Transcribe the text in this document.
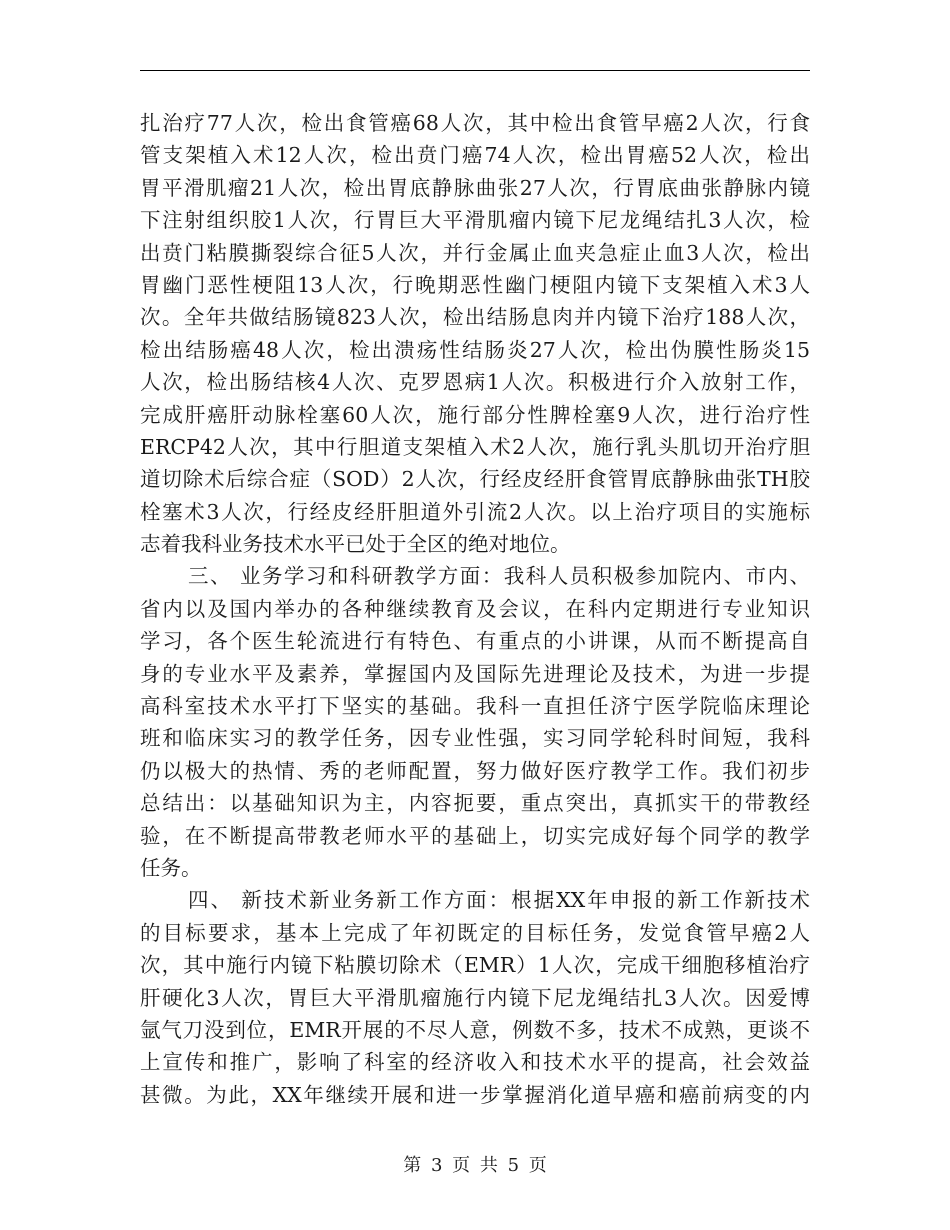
扎治疗77人次，检出食管癌68人次，其中检出食管早癌2人次，行食
管支架植入术12人次，检出贲门癌74人次，检出胃癌52人次，检出
胃平滑肌瘤21人次，检出胃底静脉曲张27人次，行胃底曲张静脉内镜
下注射组织胶1人次，行胃巨大平滑肌瘤内镜下尼龙绳结扎3人次，检
出贲门粘膜撕裂综合征5人次，并行金属止血夹急症止血3人次，检出
胃幽门恶性梗阻13人次，行晚期恶性幽门梗阻内镜下支架植入术3人
次。全年共做结肠镜823人次，检出结肠息肉并内镜下治疗188人次，
检出结肠癌48人次，检出溃疡性结肠炎27人次，检出伪膜性肠炎15
人次，检出肠结核4人次、克罗恩病1人次。积极进行介入放射工作，
完成肝癌肝动脉栓塞60人次，施行部分性脾栓塞9人次，进行治疗性
ERCP42人次，其中行胆道支架植入术2人次，施行乳头肌切开治疗胆
道切除术后综合症（SOD）2人次，行经皮经肝食管胃底静脉曲张TH胶
栓塞术3人次，行经皮经肝胆道外引流2人次。以上治疗项目的实施标
志着我科业务技术水平已处于全区的绝对地位。
三、 业务学习和科研教学方面：我科人员积极参加院内、市内、
省内以及国内举办的各种继续教育及会议，在科内定期进行专业知识
学习，各个医生轮流进行有特色、有重点的小讲课，从而不断提高自
身的专业水平及素养，掌握国内及国际先进理论及技术，为进一步提
高科室技术水平打下坚实的基础。我科一直担任济宁医学院临床理论
班和临床实习的教学任务，因专业性强，实习同学轮科时间短，我科
仍以极大的热情、秀的老师配置，努力做好医疗教学工作。我们初步
总结出：以基础知识为主，内容扼要，重点突出，真抓实干的带教经
验，在不断提高带教老师水平的基础上，切实完成好每个同学的教学
任务。
四、 新技术新业务新工作方面：根据XX年申报的新工作新技术
的目标要求，基本上完成了年初既定的目标任务，发觉食管早癌2人
次，其中施行内镜下粘膜切除术（EMR）1人次，完成干细胞移植治疗
肝硬化3人次，胃巨大平滑肌瘤施行内镜下尼龙绳结扎3人次。因爱博
氩气刀没到位，EMR开展的不尽人意，例数不多，技术不成熟，更谈不
上宣传和推广，影响了科室的经济收入和技术水平的提高，社会效益
甚微。为此，XX年继续开展和进一步掌握消化道早癌和癌前病变的内
第 3 页 共 5 页
